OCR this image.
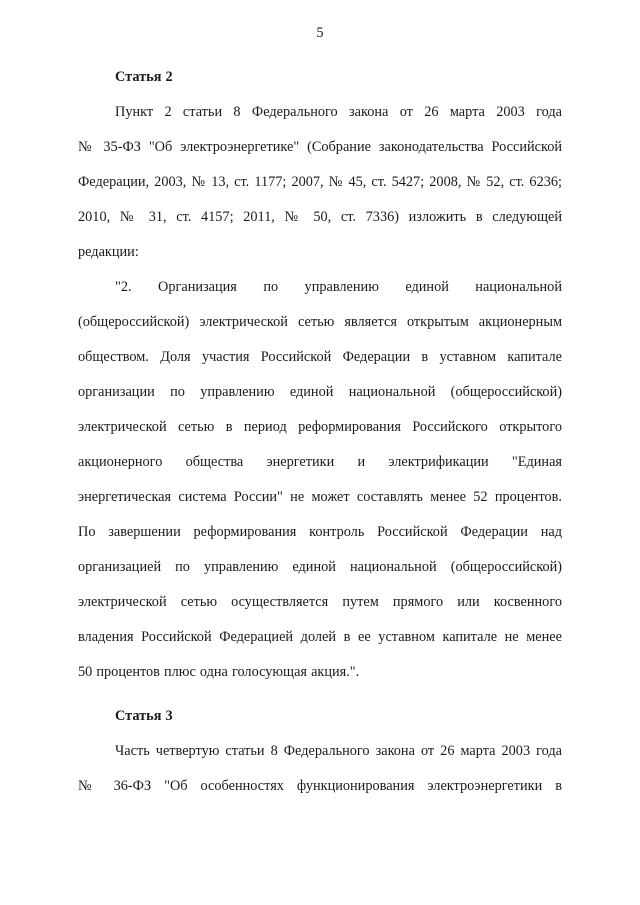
5
Статья 2
Пункт 2 статьи 8 Федерального закона от 26 марта 2003 года
№ 35-ФЗ "Об электроэнергетике" (Собрание законодательства Российской
Федерации, 2003, № 13, ст. 1177; 2007, № 45, ст. 5427; 2008, № 52, ст. 6236;
2010, № 31, ст. 4157; 2011, № 50, ст. 7336) изложить в следующей
редакции:
"2. Организация по управлению единой национальной
(общероссийской) электрической сетью является открытым акционерным
обществом. Доля участия Российской Федерации в уставном капитале
организации по управлению единой национальной (общероссийской)
электрической сетью в период реформирования Российского открытого
акционерного общества энергетики и электрификации "Единая
энергетическая система России" не может составлять менее 52 процентов.
По завершении реформирования контроль Российской Федерации над
организацией по управлению единой национальной (общероссийской)
электрической сетью осуществляется путем прямого или косвенного
владения Российской Федерацией долей в ее уставном капитале не менее
50 процентов плюс одна голосующая акция.".
Статья 3
Часть четвертую статьи 8 Федерального закона от 26 марта 2003 года
№ 36-ФЗ "Об особенностях функционирования электроэнергетики в
